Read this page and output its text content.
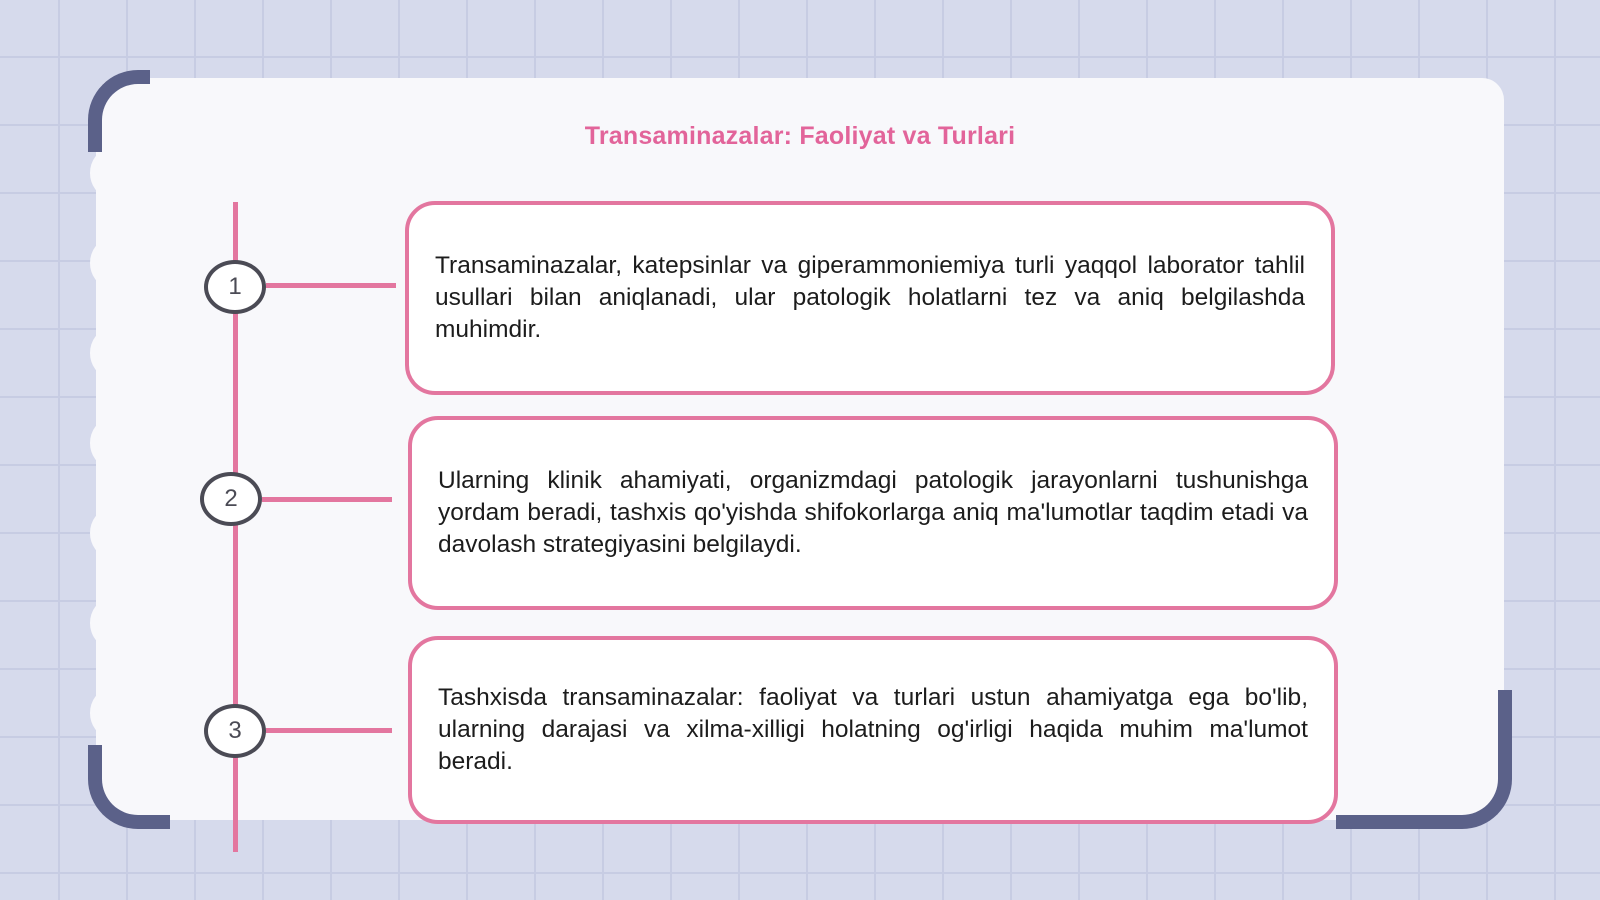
Transaminazalar: Faoliyat va Turlari
1
2
3

Transaminazalar, katepsinlar va giperammoniemiya turli yaqqol laborator tahlil usullari bilan aniqlanadi, ular patologik holatlarni tez va aniq belgilashda muhimdir.

Ularning klinik ahamiyati, organizmdagi patologik jarayonlarni tushunishga yordam beradi, tashxis qo'yishda shifokorlarga aniq ma'lumotlar taqdim etadi va davolash strategiyasini belgilaydi.

Tashxisda transaminazalar: faoliyat va turlari ustun ahamiyatga ega bo'lib, ularning darajasi va xilma-xilligi holatning og'irligi haqida muhim ma'lumot beradi.
